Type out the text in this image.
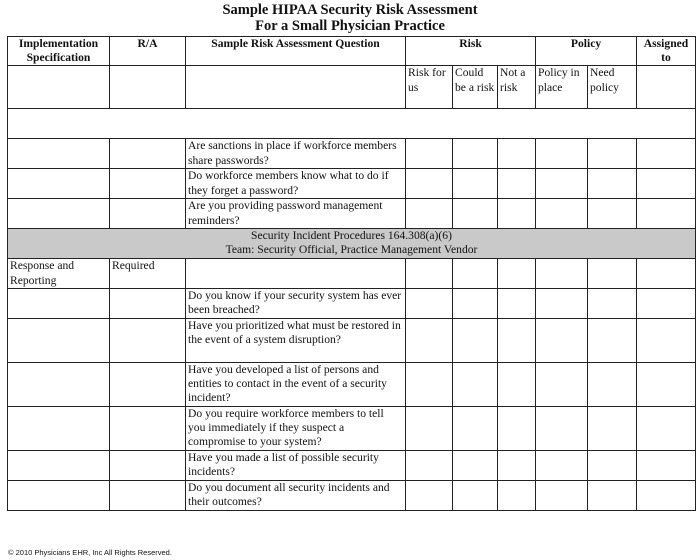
Sample HIPAA Security Risk Assessment
For a Small Physician Practice
Implementation Specification	R/A	Sample Risk Assessment Question	Risk			Policy		Assigned to
			Risk for us	Could be a risk	Not a risk	Policy in place	Need policy	

		Are sanctions in place if workforce members share passwords?						
		Do workforce members know what to do if they forget a password?						
		Are you providing password management reminders?						

Security Incident Procedures 164.308(a)(6)
Team: Security Official, Practice Management Vendor								

Response and Reporting	Required							
		Do you know if your security system has ever been breached?						
		Have you prioritized what must be restored in the event of a system disruption?						
		Have you developed a list of persons and entities to contact in the event of a security incident?						
		Do you require workforce members to tell you immediately if they suspect a compromise to your system?						
		Have you made a list of possible security incidents?						
		Do you document all security incidents and their outcomes?						
© 2010 Physicians EHR, Inc All Rights Reserved.
